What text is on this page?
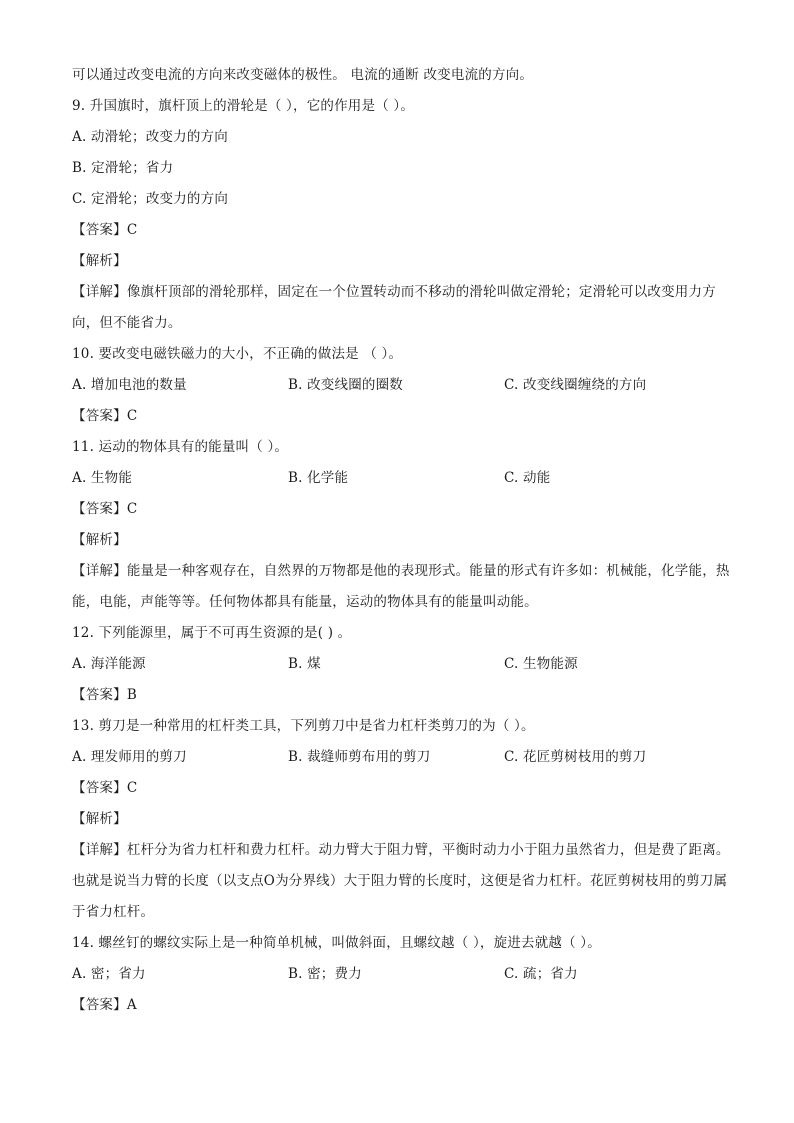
可以通过改变电流的方向来改变磁体的极性。 电流的通断 改变电流的方向。
9. 升国旗时，旗杆顶上的滑轮是（ ），它的作用是（ ）。
A. 动滑轮；改变力的方向
B. 定滑轮；省力
C. 定滑轮；改变力的方向
【答案】C
【解析】
【详解】像旗杆顶部的滑轮那样，固定在一个位置转动而不移动的滑轮叫做定滑轮；定滑轮可以改变用力方向，但不能省力。
10. 要改变电磁铁磁力的大小，不正确的做法是 （ ）。
A. 增加电池的数量	B. 改变线圈的圈数	C. 改变线圈缠绕的方向
【答案】C
11. 运动的物体具有的能量叫（ ）。
A. 生物能	B. 化学能	C. 动能
【答案】C
【解析】
【详解】能量是一种客观存在，自然界的万物都是他的表现形式。能量的形式有许多如：机械能，化学能，热能，电能，声能等等。任何物体都具有能量，运动的物体具有的能量叫动能。
12. 下列能源里，属于不可再生资源的是( ) 。
A. 海洋能源	B. 煤	C. 生物能源
【答案】B
13. 剪刀是一种常用的杠杆类工具，下列剪刀中是省力杠杆类剪刀的为（ ）。
A. 理发师用的剪刀	B. 裁缝师剪布用的剪刀	C. 花匠剪树枝用的剪刀
【答案】C
【解析】
【详解】杠杆分为省力杠杆和费力杠杆。动力臂大于阻力臂，平衡时动力小于阻力虽然省力，但是费了距离。也就是说当力臂的长度（以支点O为分界线）大于阻力臂的长度时，这便是省力杠杆。花匠剪树枝用的剪刀属于省力杠杆。
14. 螺丝钉的螺纹实际上是一种简单机械，叫做斜面，且螺纹越（ ），旋进去就越（ ）。
A. 密；省力	B. 密；费力	C. 疏；省力
【答案】A
